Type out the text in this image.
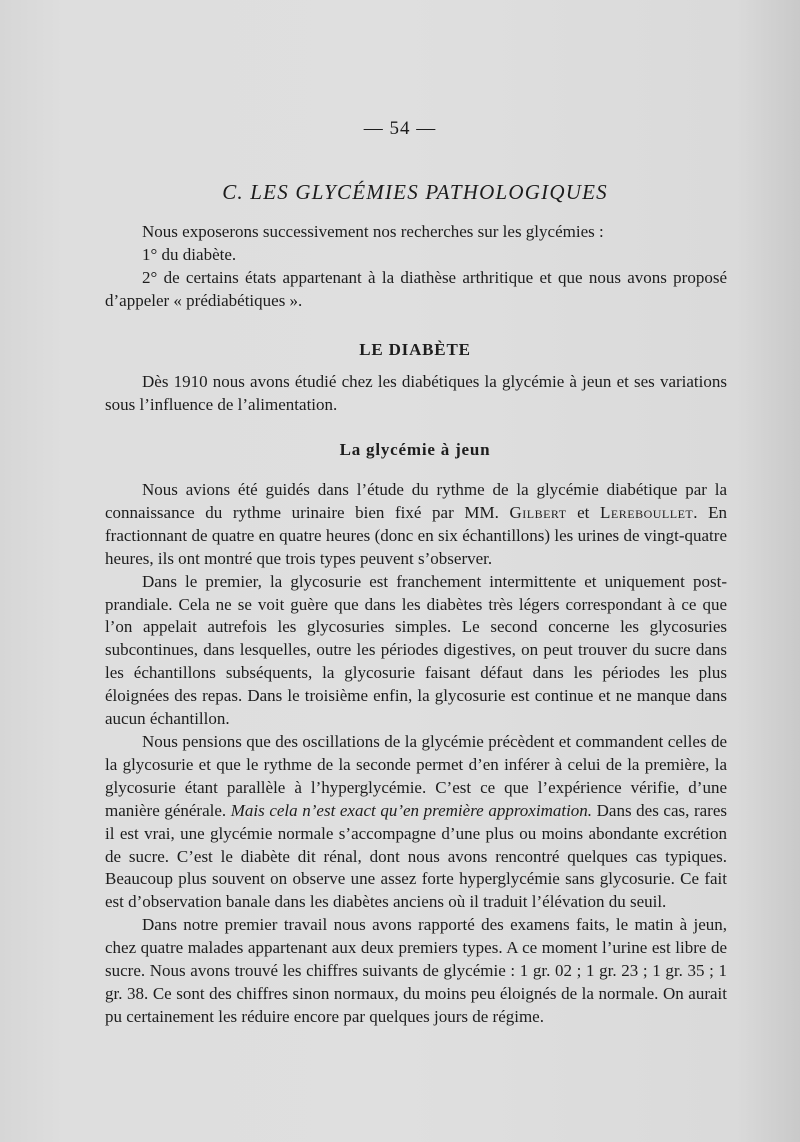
— 54 —
C. LES GLYCÉMIES PATHOLOGIQUES

Nous exposerons successivement nos recherches sur les glycémies :

1° du diabète.

2° de certains états appartenant à la diathèse arthritique et que nous avons proposé d’appeler « prédiabétiques ».

LE DIABÈTE

Dès 1910 nous avons étudié chez les diabétiques la glycémie à jeun et ses variations sous l’influence de l’alimentation.

La glycémie à jeun

Nous avions été guidés dans l’étude du rythme de la glycémie diabétique par la connaissance du rythme urinaire bien fixé par MM. Gilbert et Lereboullet. En fractionnant de quatre en quatre heures (donc en six échantillons) les urines de vingt-quatre heures, ils ont montré que trois types peuvent s’observer.

Dans le premier, la glycosurie est franchement intermittente et uniquement post-prandiale. Cela ne se voit guère que dans les diabètes très légers correspondant à ce que l’on appelait autrefois les glycosuries simples. Le second concerne les glycosuries subcontinues, dans lesquelles, outre les périodes digestives, on peut trouver du sucre dans les échantillons subséquents, la glycosurie faisant défaut dans les périodes les plus éloignées des repas. Dans le troisième enfin, la glycosurie est continue et ne manque dans aucun échantillon.

Nous pensions que des oscillations de la glycémie précèdent et commandent celles de la glycosurie et que le rythme de la seconde permet d’en inférer à celui de la première, la glycosurie étant parallèle à l’hyperglycémie. C’est ce que l’expérience vérifie, d’une manière générale. Mais cela n’est exact qu’en première approximation. Dans des cas, rares il est vrai, une glycémie normale s’accompagne d’une plus ou moins abondante excrétion de sucre. C’est le diabète dit rénal, dont nous avons rencontré quelques cas typiques. Beaucoup plus souvent on observe une assez forte hyperglycémie sans glycosurie. Ce fait est d’observation banale dans les diabètes anciens où il traduit l’élévation du seuil.

Dans notre premier travail nous avons rapporté des examens faits, le matin à jeun, chez quatre malades appartenant aux deux premiers types. A ce moment l’urine est libre de sucre. Nous avons trouvé les chiffres suivants de glycémie : 1 gr. 02 ; 1 gr. 23 ; 1 gr. 35 ; 1 gr. 38. Ce sont des chiffres sinon normaux, du moins peu éloignés de la normale. On aurait pu certainement les réduire encore par quelques jours de régime.
